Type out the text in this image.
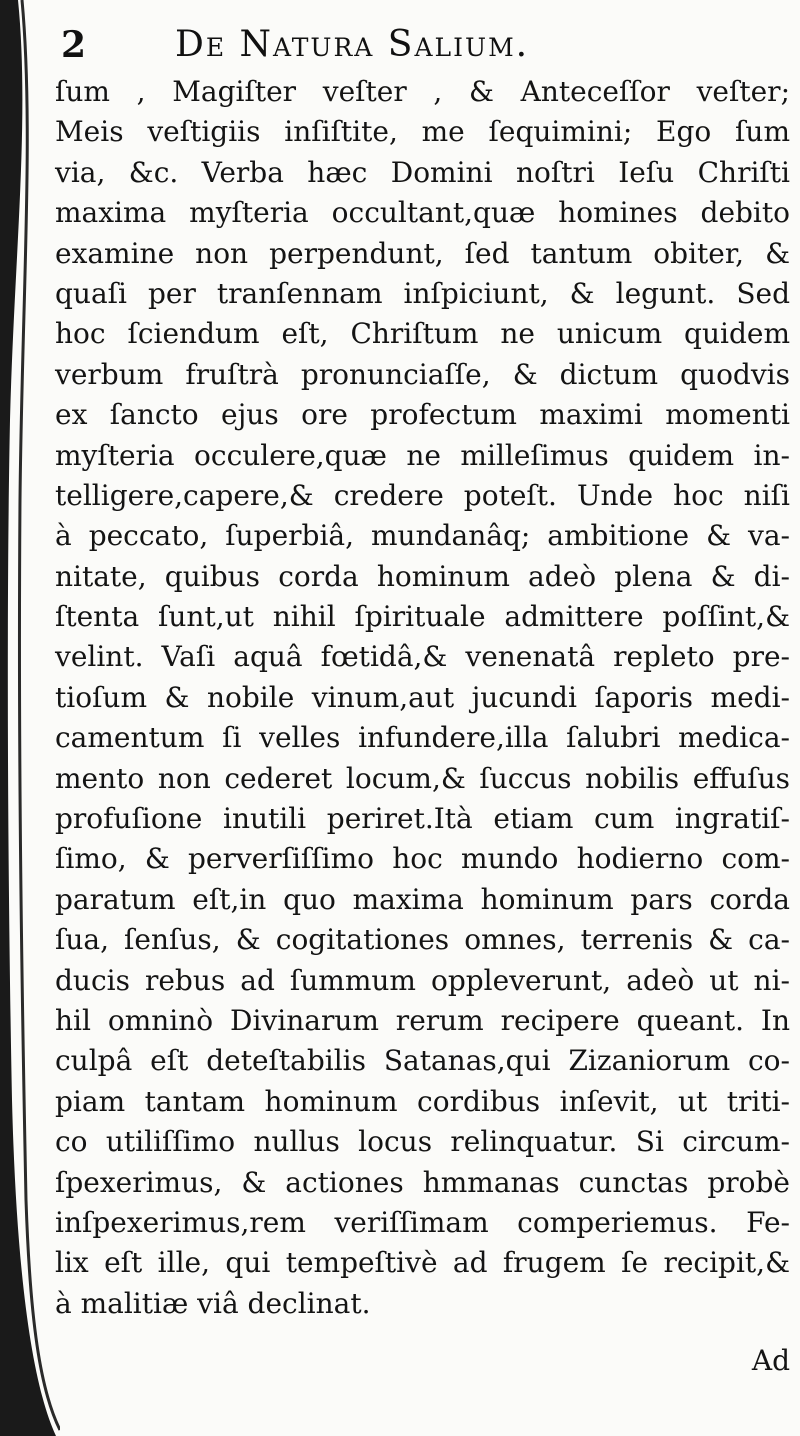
2 De Natura Salium.
ſum , Magiſter veſter , & Anteceſſor veſter;
Meis veſtigiis inſiſtite, me ſequimini; Ego ſum
via, &c. Verba hæc Domini noſtri Ieſu Chriſti
maxima myſteria occultant,quæ homines debito
examine non perpendunt, ſed tantum obiter, &
quaſi per tranſennam inſpiciunt, & legunt. Sed
hoc ſciendum eſt, Chriſtum ne unicum quidem
verbum fruſtrà pronunciaſſe, & dictum quodvis
ex ſancto ejus ore profectum maximi momenti
myſteria occulere,quæ ne milleſimus quidem in-
telligere,capere,& credere poteſt. Unde hoc niſi
à peccato, ſuperbiâ, mundanâq; ambitione & va-
nitate, quibus corda hominum adeò plena & di-
ſtenta ſunt,ut nihil ſpirituale admittere poſſint,&
velint. Vaſi aquâ fœtidâ,& venenatâ repleto pre-
tioſum & nobile vinum,aut jucundi ſaporis medi-
camentum ſi velles infundere,illa ſalubri medica-
mento non cederet locum,& ſuccus nobilis effuſus
profuſione inutili periret.Ità etiam cum ingratiſ-
ſimo, & perverſiſſimo hoc mundo hodierno com-
paratum eſt,in quo maxima hominum pars corda
ſua, ſenſus, & cogitationes omnes, terrenis & ca-
ducis rebus ad ſummum oppleverunt, adeò ut ni-
hil omninò Divinarum rerum recipere queant. In
culpâ eſt deteſtabilis Satanas,qui Zizaniorum co-
piam tantam hominum cordibus inſevit, ut triti-
co utiliſſimo nullus locus relinquatur. Si circum-
ſpexerimus, & actiones hmmanas cunctas probè
inſpexerimus,rem veriſſimam comperiemus. Fe-
lix eſt ille, qui tempeſtivè ad frugem ſe recipit,&
à malitiæ viâ declinat.
Ad
